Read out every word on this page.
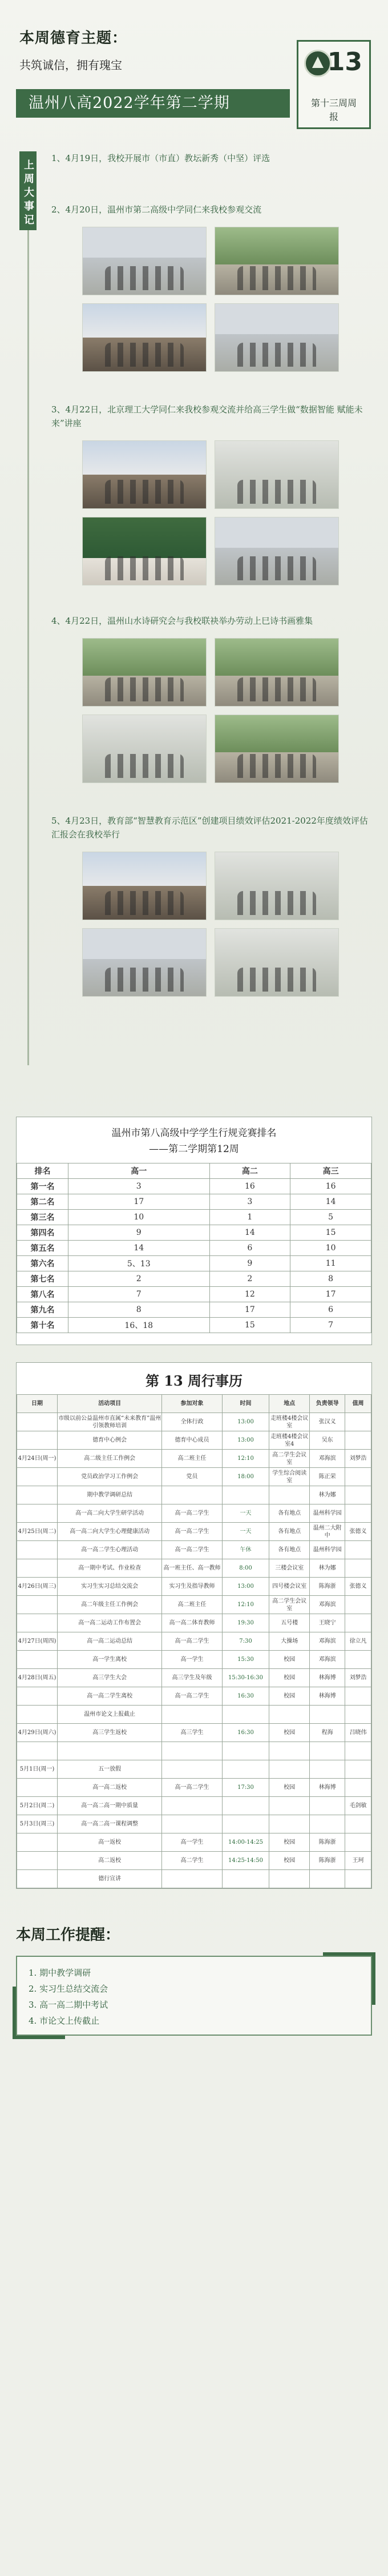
本周德育主题：
共筑诚信，拥有瑰宝
温州八高2022学年第二学期
13
第十三周周报
上周大事记
1、4月19日，我校开展市（市直）教坛新秀（中坚）评选
2、4月20日，温州市第二高级中学同仁来我校参观交流
3、4月22日，北京理工大学同仁来我校参观交流并给高三学生做“数据智能 赋能未来”讲座
4、4月22日，温州山水诗研究会与我校联袂举办劳动上巳诗书画雅集
5、4月23日，教育部“智慧教育示范区”创建项目绩效评估2021-2022年度绩效评估汇报会在我校举行
温州市第八高级中学学生行规竞赛排名
——第二学期第12周
排名	高一	高二	高三
第一名	3	16	16
第二名	17	3	14
第三名	10	1	5
第四名	9	14	15
第五名	14	6	10
第六名	5、13	9	11
第七名	2	2	8
第八名	7	12	17
第九名	8	17	6
第十名	16、18	15	7
第 13 周行事历
日期	活动项目	参加对象	时间	地点	负责领导	值周
	市级以前公益温州市直属“未来教育”温州引领教师培训	全体行政	13:00	走班楼4楼会议室	张汉义	
	德育中心例会	德育中心成员	13:00	走班楼4楼会议室4	吴东	
4月24日(周一)	高二级主任工作例会	高二班主任	12:10	高二学生会议室	邓海滨	刘梦浩
	党员政治学习工作例会	党员	18:00	学生综合阅读室	陈正荣	
	期中教学调研总结				林为娜	
	高一高二向大学生研学活动	高一高二学生	一天	各有地点	温州科学园	
4月25日(周二)	高一高二向大学生心理健康活动	高一高二学生	一天	各有地点	温州二大附中	张德义
	高一高二学生心理活动	高一高二学生	午休	各有地点	温州科学园	
	高一期中考试、作业检查	高一班主任、高一教师	8:00	三楼会议室	林为娜	
4月26日(周三)	实习生实习总结交流会	实习生及指导教师	13:00	四号楼会议室	陈海浙	张德义
	高二年级主任工作例会	高二班主任	12:10	高二学生会议室	邓海滨	
	高一高二运动工作布置会	高一高二体育教师	19:30	五号楼	王晓宁	
4月27日(周四)	高一高二运动总结	高一高二学生	7:30	大操场	邓海滨	徐立凡
	高一学生离校	高一学生	15:30	校园	邓海滨	
4月28日(周五)	高三学生大会	高三学生及年级	15:30-16:30	校园	林海博	刘梦浩
	高一高二学生离校	高一高二学生	16:30	校园	林海博	
	温州市论文上报截止					
4月29日(周六)	高三学生返校	高三学生	16:30	校园	程海	吕晓伟

5月1日(周一)	五一放假					
	高一高二返校	高一高二学生	17:30	校园	林海博	
5月2日(周二)	高一高二高一期中质量					毛剑敏
5月3日(周三)	高一高二高一课程调整					
	高一返校	高一学生	14:00-14:25	校园	陈海浙	
	高二返校	高二学生	14:25-14:50	校园	陈海浙	王珂
	德行宣讲					
本周工作提醒：
1. 期中教学调研
2. 实习生总结交流会
3. 高一高二期中考试
4. 市论文上传截止
